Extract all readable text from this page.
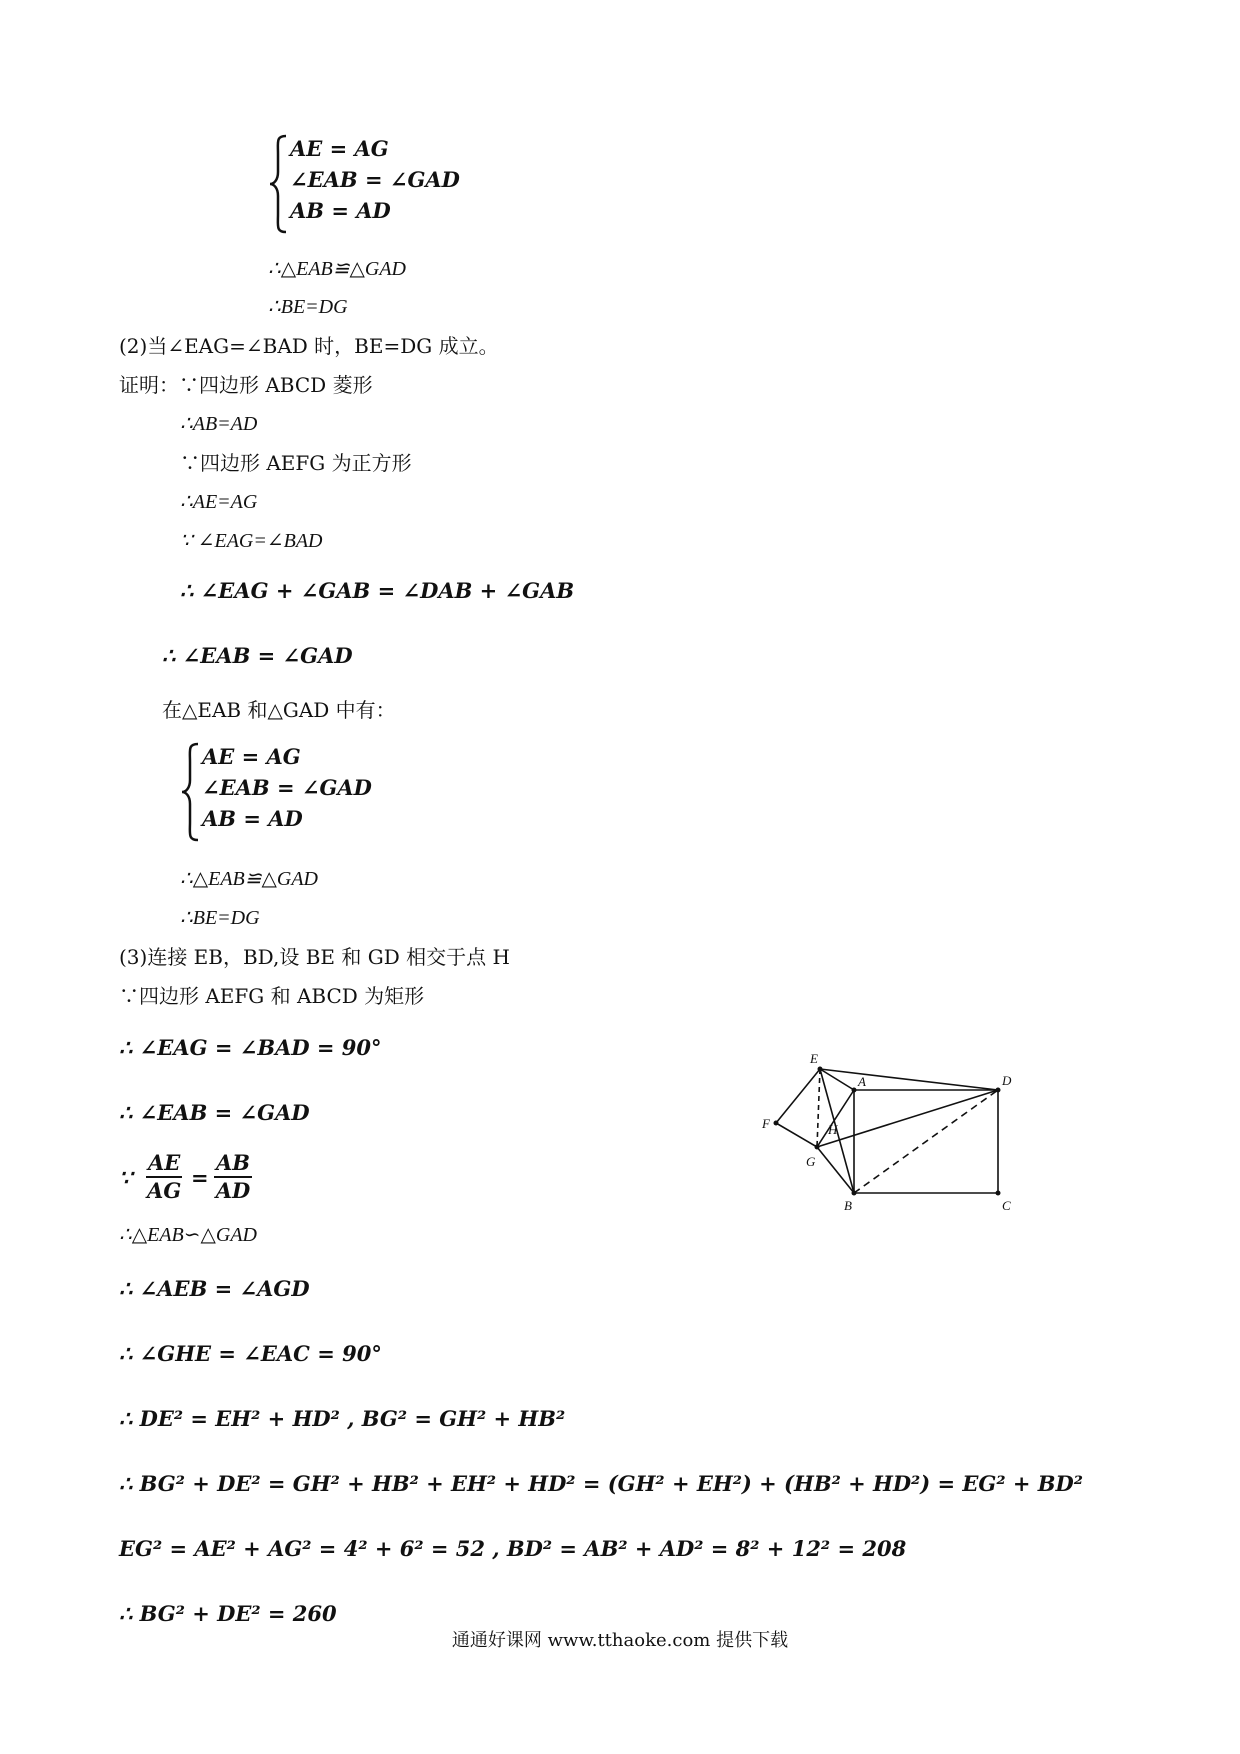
AE = AG
∠EAB = ∠GAD
AB = AD
∴△EAB≌△GAD
∴BE=DG
(2)当∠EAG=∠BAD 时，BE=DG 成立。
证明：∵四边形 ABCD 菱形
∴AB=AD
∵四边形 AEFG 为正方形
∴AE=AG
∵ ∠EAG=∠BAD
∴ ∠EAG + ∠GAB = ∠DAB + ∠GAB
∴ ∠EAB = ∠GAD
在△EAB 和△GAD 中有：
AE = AG
∠EAB = ∠GAD
AB = AD
∴△EAB≌△GAD
∴BE=DG
(3)连接 EB，BD,设 BE 和 GD 相交于点 H
∵四边形 AEFG 和 ABCD 为矩形
∴ ∠EAG = ∠BAD = 90°
∴ ∠EAB = ∠GAD
∵ $\frac{AE}{AG} = \frac{AB}{AD}$
∴△EAB∽△GAD
∴ ∠AEB = ∠AGD
∴ ∠GHE = ∠EAC = 90°
∴ DE² = EH² + HD² , BG² = GH² + HB²
∴ BG² + DE² = GH² + HB² + EH² + HD² = (GH² + EH²) + (HB² + HD²) = EG² + BD²
EG² = AE² + AG² = 4² + 6² = 52 , BD² = AB² + AD² = 8² + 12² = 208
∴ BG² + DE² = 260
E
A	D
F	H
G
B	C
通通好课网 www.tthaoke.com 提供下载
